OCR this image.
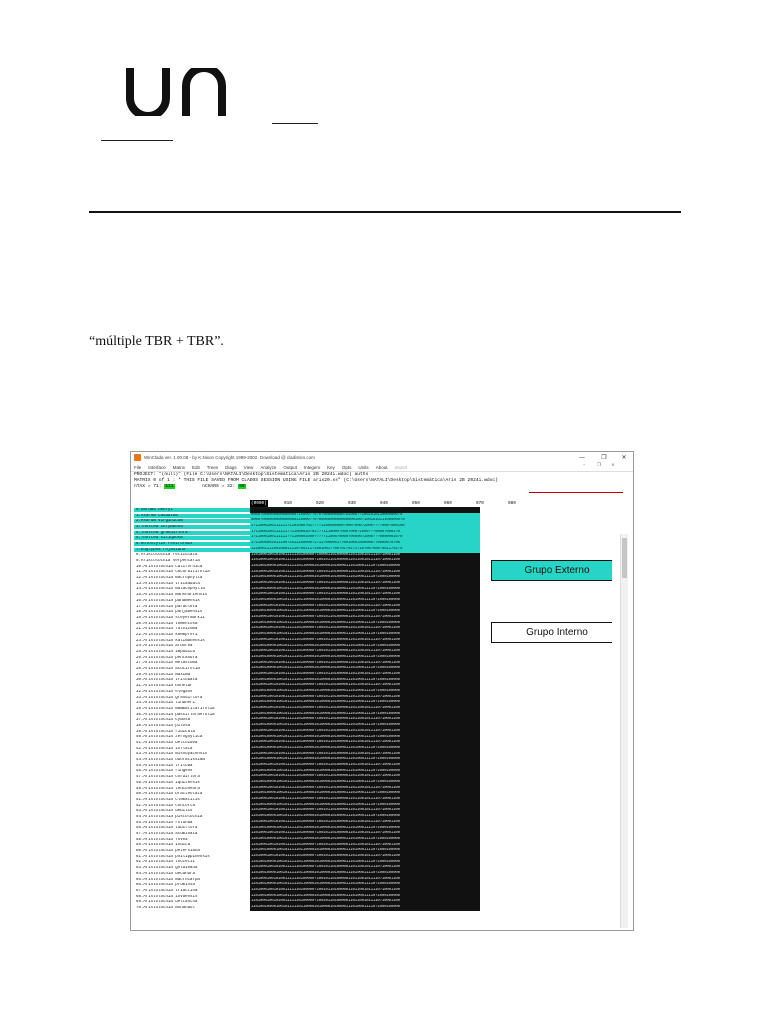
“múltiple TBR + TBR”.
WinClada ver. 1.00.08 - by K.Nixon Copyright 1999-2002. Download @ cladistics.com	—	❐	✕
File Interface Matrix Edit Trees Diags View Analyze Output Integers Key Opts Units About Import	–	❐ ×
PROJECT: "(null)" (File C:\Users\NATALI\Desktop\Sistemática\Aris 2B 2024i.wdoc) auths
MATRIX 0 of 1 : * THIS FILE SAVED FROM CLADOS SESSION USING FILE aris20.ss" (C:\Users\NATALI\Desktop\Sistemática\Aris 2B 2024i.wdoc)
nTAX = 71: 111	nCHARS = 32: 60
(0000)	010	020	030	040	050	060	070	080
0.Saruma henryi	100000?0000000000000?0000000?00000000000000000000000000000000000000
1.Asarum caudatum	0000?000000000000000?10000??0?0?000000000?01000??1001010110000000?0
2.Asarum virginicum	0000?000000000000000110000??0?0000000000000000100?1001010111000000?0
3.Thottea corymbosa	1?11000100111111?1101000?01????1100000000?000?000?2000????000?000100
4.Thottea grandiflora	1?11000100111111??11000010?01???1110000?000?000?1000???0000?0001?0
5.Thottea siliquosa	1?11000100111111??1100001000?????11000?0000?00000?2000???00000010?0
6.Holostylis reniformis	1?11000001011100?1011100000?1?11?000001??0010001000000??00000?0?00
7.Euglypha rojasiana	111000111100100011110?00111?1001001??00?01?01?1?10?00?000?0011?01?0
8.Aristolochia reticulata	1101000100101001111110100000?1000011010000011011001011110?10001100
9.Aristolochia serpentaria	1101000100101001111110100000?1001011010000011011001011110?10001100
10.Aristolochia californica	1101001000010010111110110000101000010100001110100011110?1000100000
11.Aristolochia cucurbitifolia	1101000100101001111110100000?1001011010000011011001011110?10001100
12.Aristolochia macrophylla	1101001000010010111110110000101000010100001110100011110?1000100000
13.Aristolochia tricaudata	1101000100101001111110100000?1001011010000011011001011110?10001100
14.Aristolochia malacophylla	1101001000010010111110110000101000010100001110100011110?1000100000
15.Aristolochia manshuriensis	1101000100101001111110100000?1001011010000011011001011110?10001100
16.Aristolochia panamensis	1101001000010010111110110000101000010100001110100011110?1000100000
17.Aristolochia paracleta	1101000100101001111110100000?1001011010000011011001011110?10001100
18.Aristolochia punjabensis	1101001000010010111110110000101000010100001110100011110?1000100000
19.Aristolochia steyermarkii	1101000100101001111110100000?1001011010000011011001011110?10001100
20.Aristolochia tomentosa	1101001000010010111110110000101000010100001110100011110?1000100000
21.Aristolochia fulvicoma	1101000100101001111110100000?1001011010000011011001011110?10001100
22.Aristolochia kaempferi	1101001000010010111110110000101000010100001110100011110?1000100000
23.Aristolochia kalimanensis	1101000100101001111110100000?1001011010000011011001011110?10001100
24.Aristolochia arborea	1101001000010010111110110000101000010100001110100011110?1000100000
25.Aristolochia impudica	1101000100101001111110100000?1001011010000011011001011110?10001100
26.Aristolochia pentandra	1101001000010010111110110000101000010100001110100011110?1000100000
27.Aristolochia melastoma	1101000100101001111110100000?1001011010000011011001011110?10001100
28.Aristolochia acutifolia	1101001000010010111110110000101000010100001110100011110?1000100000
29.Aristolochia maxima	1101000100101001111110100000?1001011010000011011001011110?10001100
30.Aristolochia trilobata	1101001000010010111110110000101000010100001110100011110?1000100000
31.Aristolochia bonelar	1101000100101001111110100000?1001011010000011011001011110?10001100
32.Aristolochia elegans	1101001000010010111110110000101000010100001110100011110?1000100000
33.Aristolochia grandiflora	1101000100101001111110100000?1001011010000011011001011110?10001100
34.Aristolochia lindneri	1101001000010010111110110000101000010100001110100011110?1000100000
35.Aristolochia mammarilarifolia	1101000100101001111110100000?1001011010000011011001011110?10001100
36.Aristolochia passifloraefolia	1101001000010010111110110000101000010100001110100011110?1000100000
37.Aristolochia cymosa	1101000100101001111110100000?1001011010000011011001011110?10001100
38.Aristolochia pilosa	1101001000010010111110110000101000010100001110100011110?1000100000
39.Aristolochia ridicula	1101000100101001111110100000?1001011010000011011001011110?10001100
40.Aristolochia zeroghytica	1101001000010010111110110000101000010100001110100011110?1000100000
41.Aristolochia deltoidea	1101000100101001111110100000?1001011010000011011001011110?10001100
42.Aristolochia inflata	1101001000010010111110110000101000010100001110100011110?1000100000
43.Aristolochia mishuyacensis	1101000100101001111110100000?1001011010000011011001011110?10001100
44.Aristolochia odoratissima	1101001000010010111110110000101000010100001110100011110?1000100000
45.Aristolochia triloba	1101000100101001111110100000?1001011010000011011001011110?10001100
46.Aristolochia ringens	1101001000010010111110110000101000010100001110100011110?1000100000
47.Aristolochia cordiflora	1101000100101001111110100000?1001011010000011011001011110?10001100
48.Aristolochia iquitensis	1101001000010010111110110000101000010100001110100011110?1000100000
49.Aristolochia leuconeura	1101000100101001111110100000?1001011010000011011001011110?10001100
50.Aristolochia bracteolata	1101001000010010111110110000101000010100001110100011110?1000100000
51.Aristolochia clematitis	1101000100101001111110100000?1001011010000011011001011110?10001100
52.Aristolochia contorta	1101001000010010111110110000101000010100001110100011110?1000100000
53.Aristolochia debilis	1101000100101001111110100000?1001011010000011011001011110?10001100
54.Aristolochia pistolochia	1101001000010010111110110000101000010100001110100011110?1000100000
55.Aristolochia rotunda	1101000100101001111110100000?1001011010000011011001011110?10001100
56.Aristolochia tubiflora	1101001000010010111110110000101000010100001110100011110?1000100000
57.Aristolochia acuminata	1101000100101001111110100000?1001011010000011011001011110?10001100
58.Aristolochia fovea	1101001000010010111110110000101000010100001110100011110?1000100000
59.Aristolochia indica	1101000100101001111110100000?1001011010000011011001011110?10001100
60.Aristolochia petersiana	1101001000010010111110110000101000010100001110100011110?1000100000
61.Aristolochia philippinensis	1101000100101001111110100000?1001011010000011011001011110?10001100
62.Aristolochia thozetii	1101001000010010111110110000101000010100001110100011110?1000100000
63.Aristolochia goldieana	1101000100101001111110100000?1001011010000011011001011110?10001100
64.Aristolochia decandra	1101001000010010111110110000101000010100001110100011110?1000100000
65.Aristolochia macrocarpa	1101000100101001111110100000?1001011010000011011001011110?10001100
66.Aristolochia promissa	1101001000010010111110110000101000010100001110100011110?1000100000
67.Aristolochia triactina	1101000100101001111110100000?1001011010000011011001011110?10001100
68.Aristolochia iovaensis	1101001000010010111110110000101000010100001110100011110?1000100000
69.Aristolochia deltantha	1101000100101001111110100000?1001011010000011011001011110?10001100
70.Aristolochia monandul	1101001000010010111110110000101000010100001110100011110?1000100000
Grupo Externo
Grupo Interno
